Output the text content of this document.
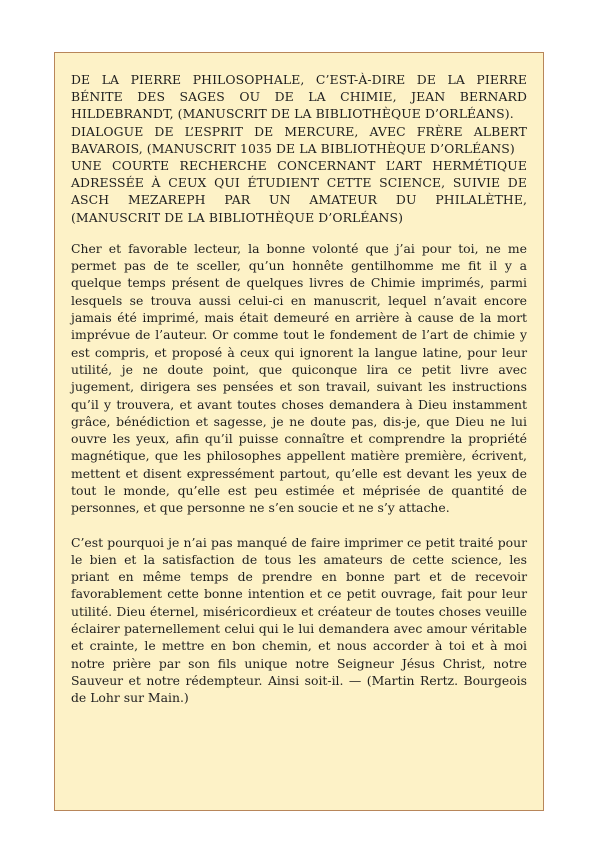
DE LA PIERRE PHILOSOPHALE, C’EST-À-DIRE DE LA PIERRE BÉNITE DES SAGES OU DE LA CHIMIE, JEAN BERNARD HILDEBRANDT, (MANUSCRIT DE LA BIBLIOTHÈQUE D’ORLÉANS).
DIALOGUE DE L’ESPRIT DE MERCURE, AVEC FRÈRE ALBERT BAVAROIS, (MANUSCRIT 1035 DE LA BIBLIOTHÈQUE D’ORLÉANS)
UNE COURTE RECHERCHE CONCERNANT L’ART HERMÉTIQUE ADRESSÉE À CEUX QUI ÉTUDIENT CETTE SCIENCE, SUIVIE DE ASCH MEZAREPH PAR UN AMATEUR DU PHILALÈTHE, (MANUSCRIT DE LA BIBLIOTHÈQUE D’ORLÉANS)

Cher et favorable lecteur, la bonne volonté que j’ai pour toi, ne me permet pas de te sceller, qu’un honnête gentilhomme me fit il y a quelque temps présent de quelques livres de Chimie imprimés, parmi lesquels se trouva aussi celui-ci en manuscrit, lequel n’avait encore jamais été imprimé, mais était demeuré en arrière à cause de la mort imprévue de l’auteur. Or comme tout le fondement de l’art de chimie y est compris, et proposé à ceux qui ignorent la langue latine, pour leur utilité, je ne doute point, que quiconque lira ce petit livre avec jugement, dirigera ses pensées et son travail, suivant les instructions qu’il y trouvera, et avant toutes choses demandera à Dieu instamment grâce, bénédiction et sagesse, je ne doute pas, dis-je, que Dieu ne lui ouvre les yeux, afin qu’il puisse connaître et comprendre la propriété magnétique, que les philosophes appellent matière première, écrivent, mettent et disent expressément partout, qu’elle est devant les yeux de tout le monde, qu’elle est peu estimée et méprisée de quantité de personnes, et que personne ne s’en soucie et ne s’y attache.

C’est pourquoi je n’ai pas manqué de faire imprimer ce petit traité pour le bien et la satisfaction de tous les amateurs de cette science, les priant en même temps de prendre en bonne part et de recevoir favorablement cette bonne intention et ce petit ouvrage, fait pour leur utilité. Dieu éternel, miséricordieux et créateur de toutes choses veuille éclairer paternellement celui qui le lui demandera avec amour véritable et crainte, le mettre en bon chemin, et nous accorder à toi et à moi notre prière par son fils unique notre Seigneur Jésus Christ, notre Sauveur et notre rédempteur. Ainsi soit-il. — (Martin Rertz. Bourgeois de Lohr sur Main.)
